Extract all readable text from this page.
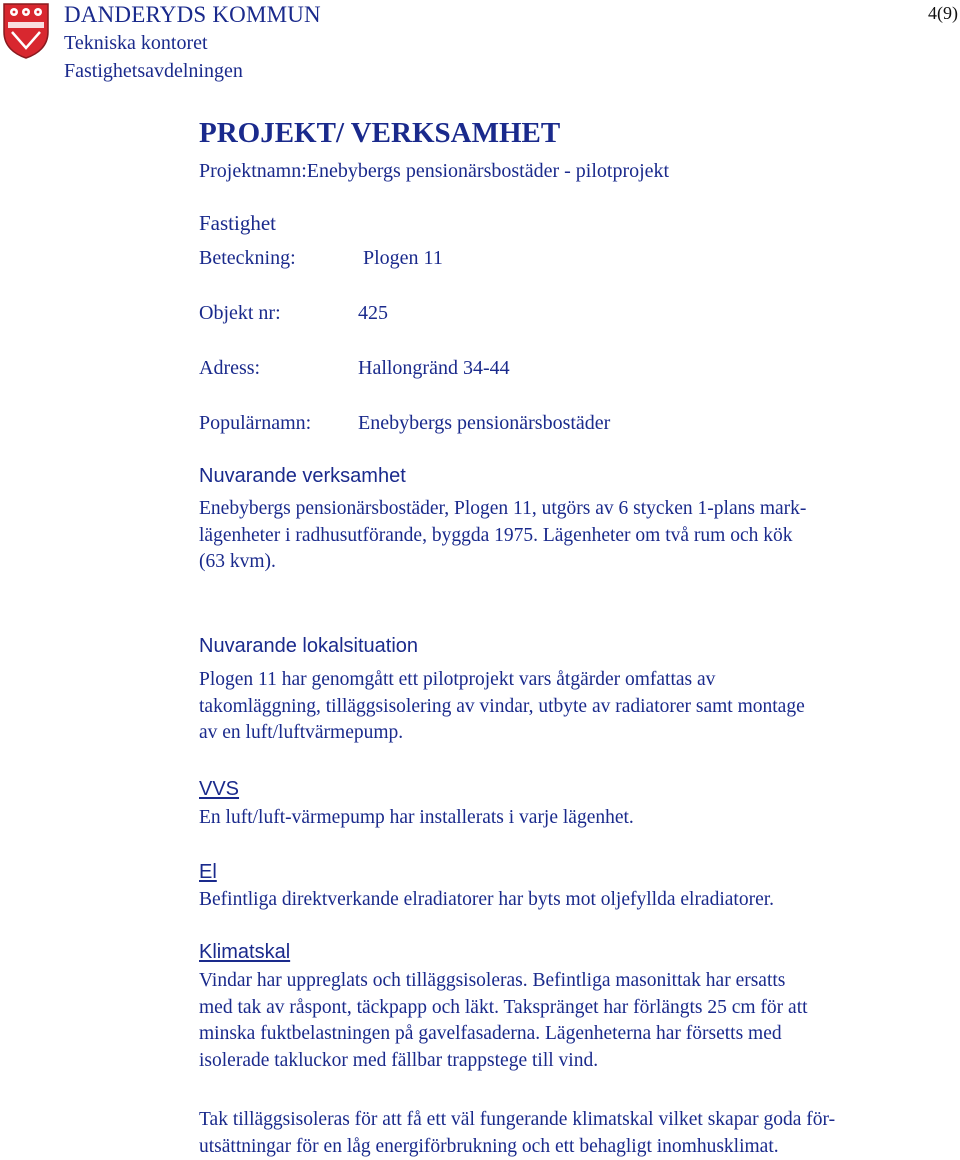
DANDERYDS KOMMUN
Tekniska kontoret
Fastighetsavdelningen
4(9)
PROJEKT/ VERKSAMHET
Projektnamn:Enebybergs pensionärsbostäder - pilotprojekt
Fastighet
Beteckning:	Plogen 11
Objekt nr:	425
Adress:	Hallongränd 34-44
Populärnamn: Enebybergs pensionärsbostäder
Nuvarande verksamhet

Enebybergs pensionärsbostäder, Plogen 11, utgörs av 6 stycken 1-plans mark-
lägenheter i radhusutförande, byggda 1975. Lägenheter om två rum och kök
(63 kvm).

Nuvarande lokalsituation

Plogen 11 har genomgått ett pilotprojekt vars åtgärder omfattas av
takomläggning, tilläggsisolering av vindar, utbyte av radiatorer samt montage
av en luft/luftvärmepump.

VVS

En luft/luft-värmepump har installerats i varje lägenhet.

El

Befintliga direktverkande elradiatorer har byts mot oljefyllda elradiatorer.

Klimatskal

Vindar har uppreglats och tilläggsisoleras. Befintliga masonittak har ersatts
med tak av råspont, täckpapp och läkt. Takspränget har förlängts 25 cm för att
minska fuktbelastningen på gavelfasaderna. Lägenheterna har försetts med
isolerade takluckor med fällbar trappstege till vind.

Tak tilläggsisoleras för att få ett väl fungerande klimatskal vilket skapar goda för-
utsättningar för en låg energiförbrukning och ett behagligt inomhusklimat.
